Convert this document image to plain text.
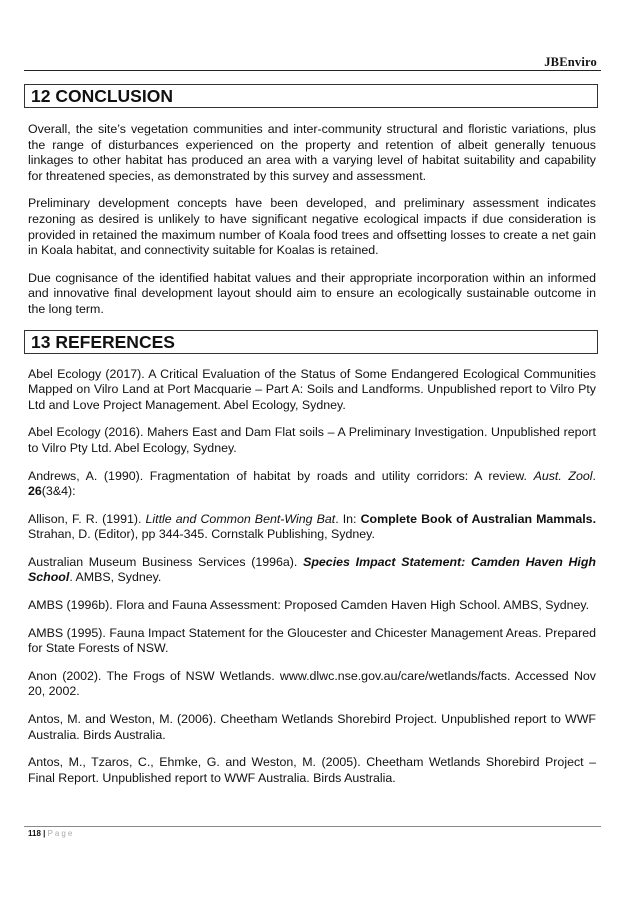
JBEnviro
12 CONCLUSION

Overall, the site’s vegetation communities and inter-community structural and floristic variations, plus the range of disturbances experienced on the property and retention of albeit generally tenuous linkages to other habitat has produced an area with a varying level of habitat suitability and capability for threatened species, as demonstrated by this survey and assessment.

Preliminary development concepts have been developed, and preliminary assessment indicates rezoning as desired is unlikely to have significant negative ecological impacts if due consideration is provided in retained the maximum number of Koala food trees and offsetting losses to create a net gain in Koala habitat, and connectivity suitable for Koalas is retained.

Due cognisance of the identified habitat values and their appropriate incorporation within an informed and innovative final development layout should aim to ensure an ecologically sustainable outcome in the long term.

13 REFERENCES

Abel Ecology (2017). A Critical Evaluation of the Status of Some Endangered Ecological Communities Mapped on Vilro Land at Port Macquarie – Part A: Soils and Landforms. Unpublished report to Vilro Pty Ltd and Love Project Management. Abel Ecology, Sydney.

Abel Ecology (2016). Mahers East and Dam Flat soils – A Preliminary Investigation. Unpublished report to Vilro Pty Ltd. Abel Ecology, Sydney.

Andrews, A. (1990). Fragmentation of habitat by roads and utility corridors: A review. Aust. Zool. 26(3&4):

Allison, F. R. (1991). Little and Common Bent-Wing Bat. In: Complete Book of Australian Mammals. Strahan, D. (Editor), pp 344-345. Cornstalk Publishing, Sydney.

Australian Museum Business Services (1996a). Species Impact Statement: Camden Haven High School. AMBS, Sydney.

AMBS (1996b). Flora and Fauna Assessment: Proposed Camden Haven High School. AMBS, Sydney.

AMBS (1995). Fauna Impact Statement for the Gloucester and Chicester Management Areas. Prepared for State Forests of NSW.

Anon (2002). The Frogs of NSW Wetlands. www.dlwc.nse.gov.au/care/wetlands/facts. Accessed Nov 20, 2002.

Antos, M. and Weston, M. (2006). Cheetham Wetlands Shorebird Project. Unpublished report to WWF Australia. Birds Australia.

Antos, M., Tzaros, C., Ehmke, G. and Weston, M. (2005). Cheetham Wetlands Shorebird Project – Final Report. Unpublished report to WWF Australia. Birds Australia.

118 | Page
